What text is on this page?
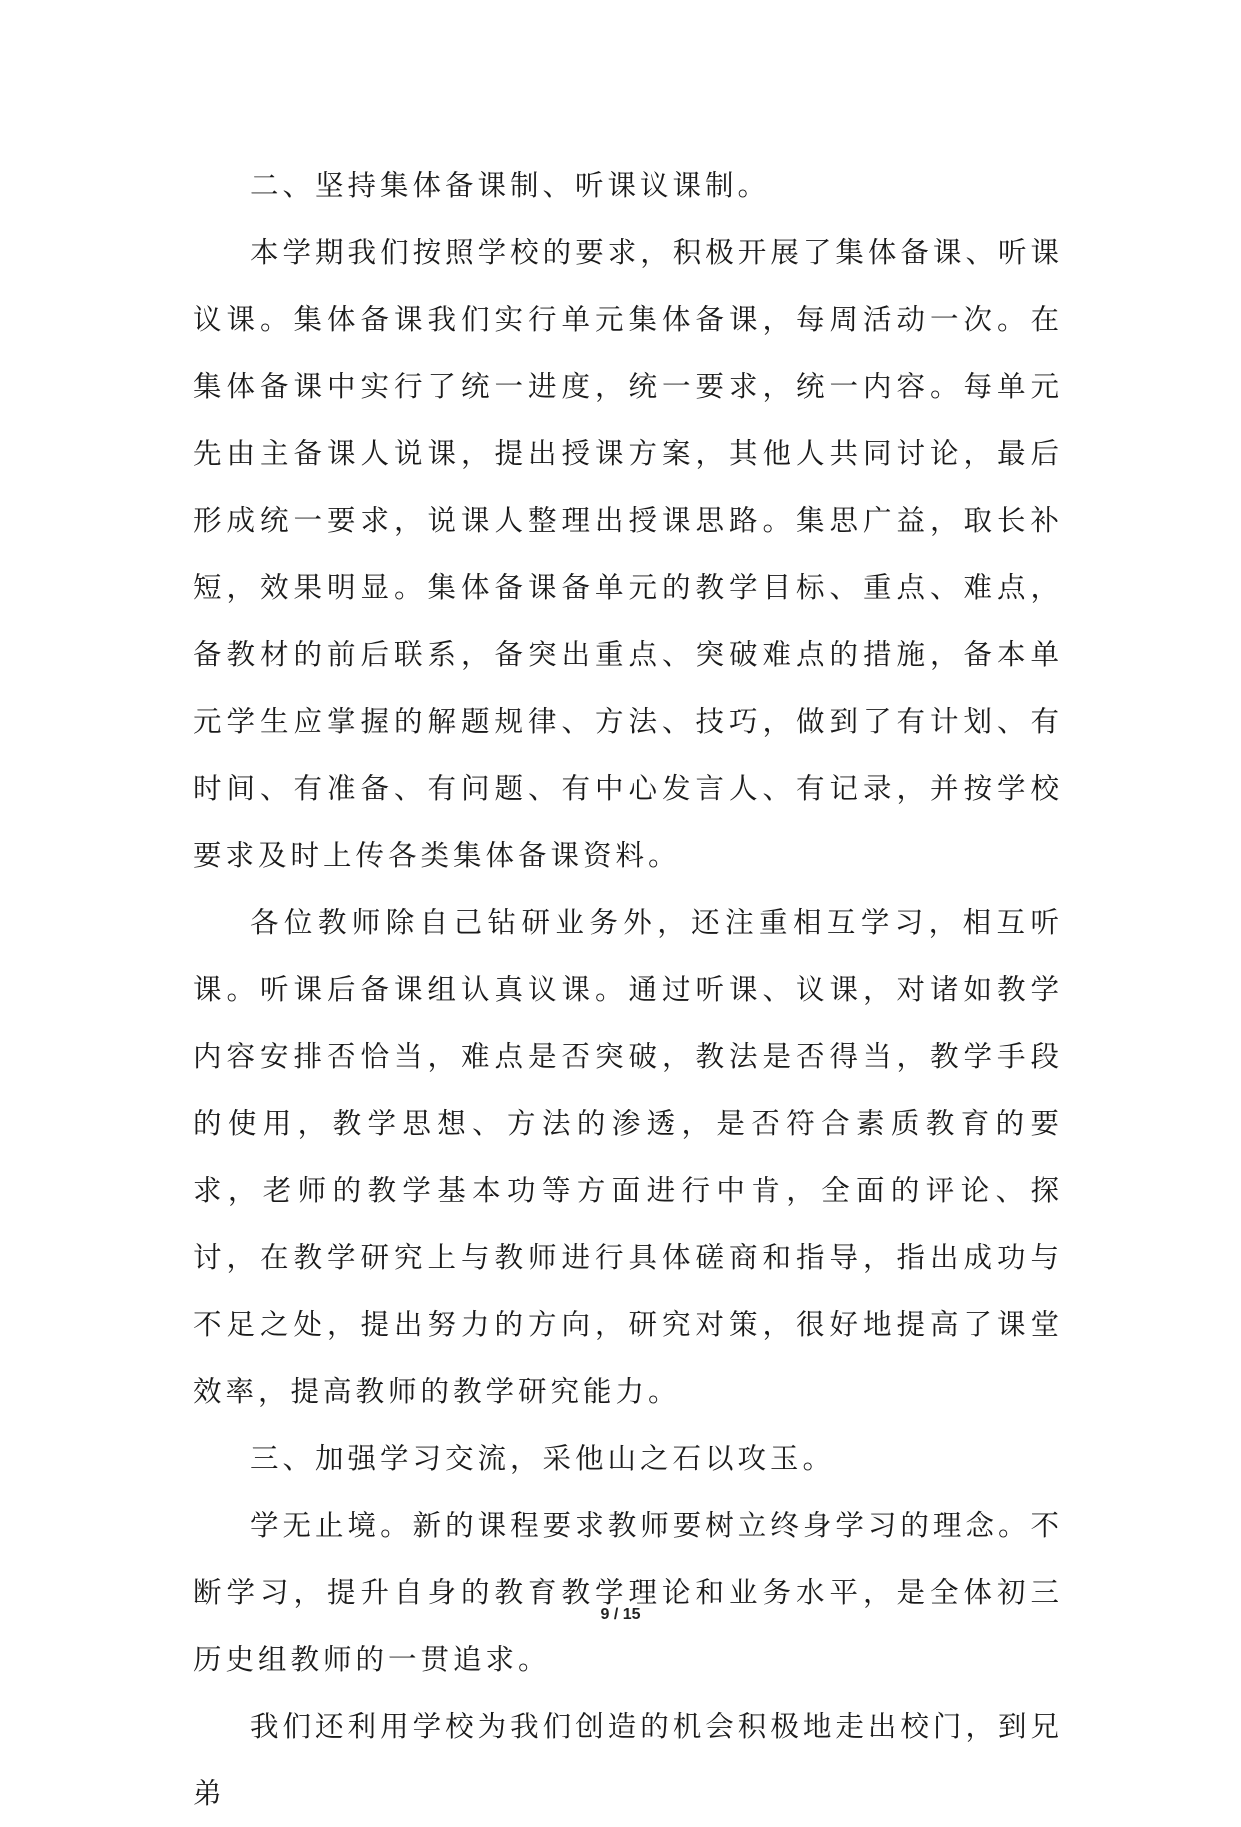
二、坚持集体备课制、听课议课制。

本学期我们按照学校的要求，积极开展了集体备课、听课议课。集体备课我们实行单元集体备课，每周活动一次。在集体备课中实行了统一进度，统一要求，统一内容。每单元先由主备课人说课，提出授课方案，其他人共同讨论，最后形成统一要求，说课人整理出授课思路。集思广益，取长补短，效果明显。集体备课备单元的教学目标、重点、难点，备教材的前后联系，备突出重点、突破难点的措施，备本单元学生应掌握的解题规律、方法、技巧，做到了有计划、有时间、有准备、有问题、有中心发言人、有记录，并按学校要求及时上传各类集体备课资料。

各位教师除自己钻研业务外，还注重相互学习，相互听课。听课后备课组认真议课。通过听课、议课，对诸如教学内容安排否恰当，难点是否突破，教法是否得当，教学手段的使用，教学思想、方法的渗透，是否符合素质教育的要求，老师的教学基本功等方面进行中肯，全面的评论、探讨，在教学研究上与教师进行具体磋商和指导，指出成功与不足之处，提出努力的方向，研究对策，很好地提高了课堂效率，提高教师的教学研究能力。

三、加强学习交流，采他山之石以攻玉。

学无止境。新的课程要求教师要树立终身学习的理念。不断学习，提升自身的教育教学理论和业务水平，是全体初三历史组教师的一贯追求。

我们还利用学校为我们创造的机会积极地走出校门，到兄弟

9 / 15
